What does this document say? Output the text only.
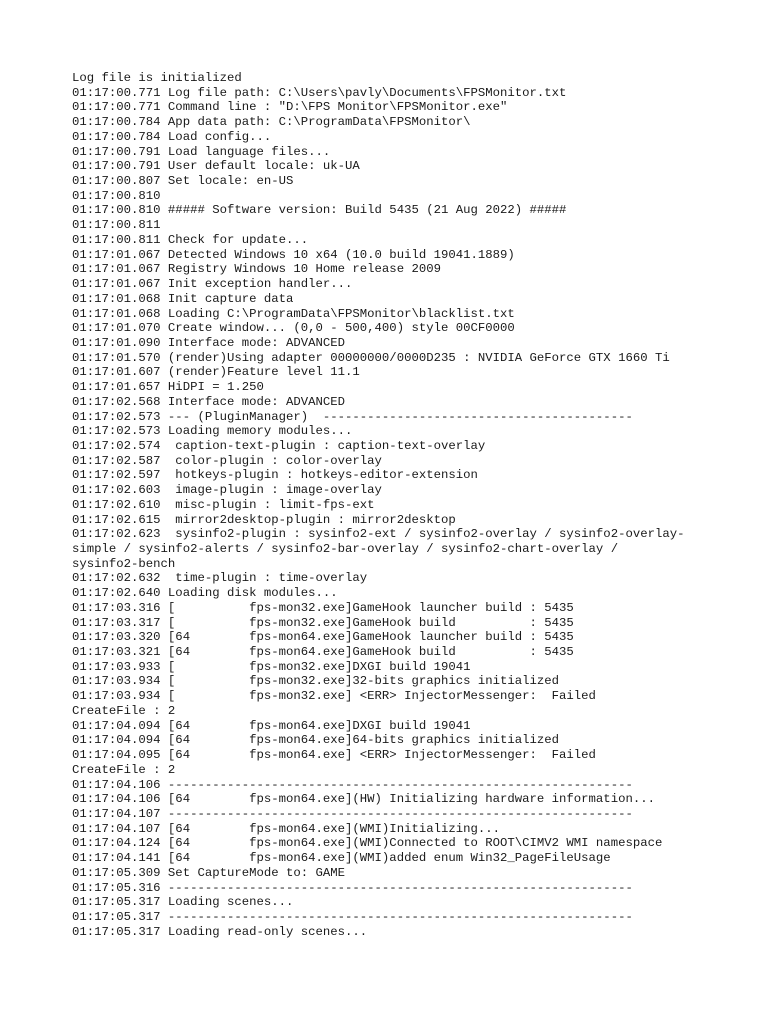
Log file is initialized
01:17:00.771 Log file path: C:\Users\pavly\Documents\FPSMonitor.txt
01:17:00.771 Command line : "D:\FPS Monitor\FPSMonitor.exe"
01:17:00.784 App data path: C:\ProgramData\FPSMonitor\
01:17:00.784 Load config...
01:17:00.791 Load language files...
01:17:00.791 User default locale: uk-UA
01:17:00.807 Set locale: en-US
01:17:00.810
01:17:00.810 ##### Software version: Build 5435 (21 Aug 2022) #####
01:17:00.811
01:17:00.811 Check for update...
01:17:01.067 Detected Windows 10 x64 (10.0 build 19041.1889)
01:17:01.067 Registry Windows 10 Home release 2009
01:17:01.067 Init exception handler...
01:17:01.068 Init capture data
01:17:01.068 Loading C:\ProgramData\FPSMonitor\blacklist.txt
01:17:01.070 Create window... (0,0 - 500,400) style 00CF0000
01:17:01.090 Interface mode: ADVANCED
01:17:01.570 (render)Using adapter 00000000/0000D235 : NVIDIA GeForce GTX 1660 Ti
01:17:01.607 (render)Feature level 11.1
01:17:01.657 HiDPI = 1.250
01:17:02.568 Interface mode: ADVANCED
01:17:02.573 --- (PluginManager)  ------------------------------------------
01:17:02.573 Loading memory modules...
01:17:02.574  caption-text-plugin : caption-text-overlay
01:17:02.587  color-plugin : color-overlay
01:17:02.597  hotkeys-plugin : hotkeys-editor-extension
01:17:02.603  image-plugin : image-overlay
01:17:02.610  misc-plugin : limit-fps-ext
01:17:02.615  mirror2desktop-plugin : mirror2desktop
01:17:02.623  sysinfo2-plugin : sysinfo2-ext / sysinfo2-overlay / sysinfo2-overlay-
simple / sysinfo2-alerts / sysinfo2-bar-overlay / sysinfo2-chart-overlay /
sysinfo2-bench
01:17:02.632  time-plugin : time-overlay
01:17:02.640 Loading disk modules...
01:17:03.316 [          fps-mon32.exe]GameHook launcher build : 5435
01:17:03.317 [          fps-mon32.exe]GameHook build          : 5435
01:17:03.320 [64        fps-mon64.exe]GameHook launcher build : 5435
01:17:03.321 [64        fps-mon64.exe]GameHook build          : 5435
01:17:03.933 [          fps-mon32.exe]DXGI build 19041
01:17:03.934 [          fps-mon32.exe]32-bits graphics initialized
01:17:03.934 [          fps-mon32.exe] <ERR> InjectorMessenger:  Failed
CreateFile : 2
01:17:04.094 [64        fps-mon64.exe]DXGI build 19041
01:17:04.094 [64        fps-mon64.exe]64-bits graphics initialized
01:17:04.095 [64        fps-mon64.exe] <ERR> InjectorMessenger:  Failed
CreateFile : 2
01:17:04.106 ---------------------------------------------------------------
01:17:04.106 [64        fps-mon64.exe](HW) Initializing hardware information...
01:17:04.107 ---------------------------------------------------------------
01:17:04.107 [64        fps-mon64.exe](WMI)Initializing...
01:17:04.124 [64        fps-mon64.exe](WMI)Connected to ROOT\CIMV2 WMI namespace
01:17:04.141 [64        fps-mon64.exe](WMI)added enum Win32_PageFileUsage
01:17:05.309 Set CaptureMode to: GAME
01:17:05.316 ---------------------------------------------------------------
01:17:05.317 Loading scenes...
01:17:05.317 ---------------------------------------------------------------
01:17:05.317 Loading read-only scenes...
